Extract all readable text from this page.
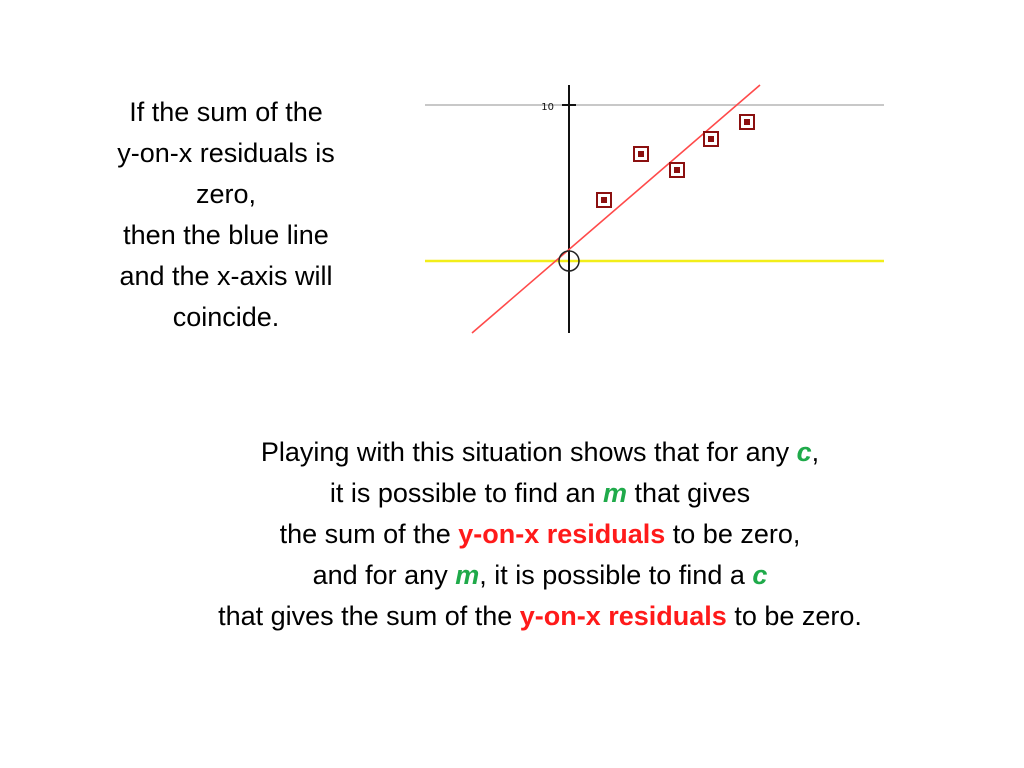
If the sum of the
y-on-x residuals is
zero,
then the blue line
and the x-axis will
coincide.
10
Playing with this situation shows that for any c,
it is possible to find an m that gives
the sum of the y-on-x residuals to be zero,
and for any m, it is possible to find a c
that gives the sum of the y-on-x residuals to be zero.
